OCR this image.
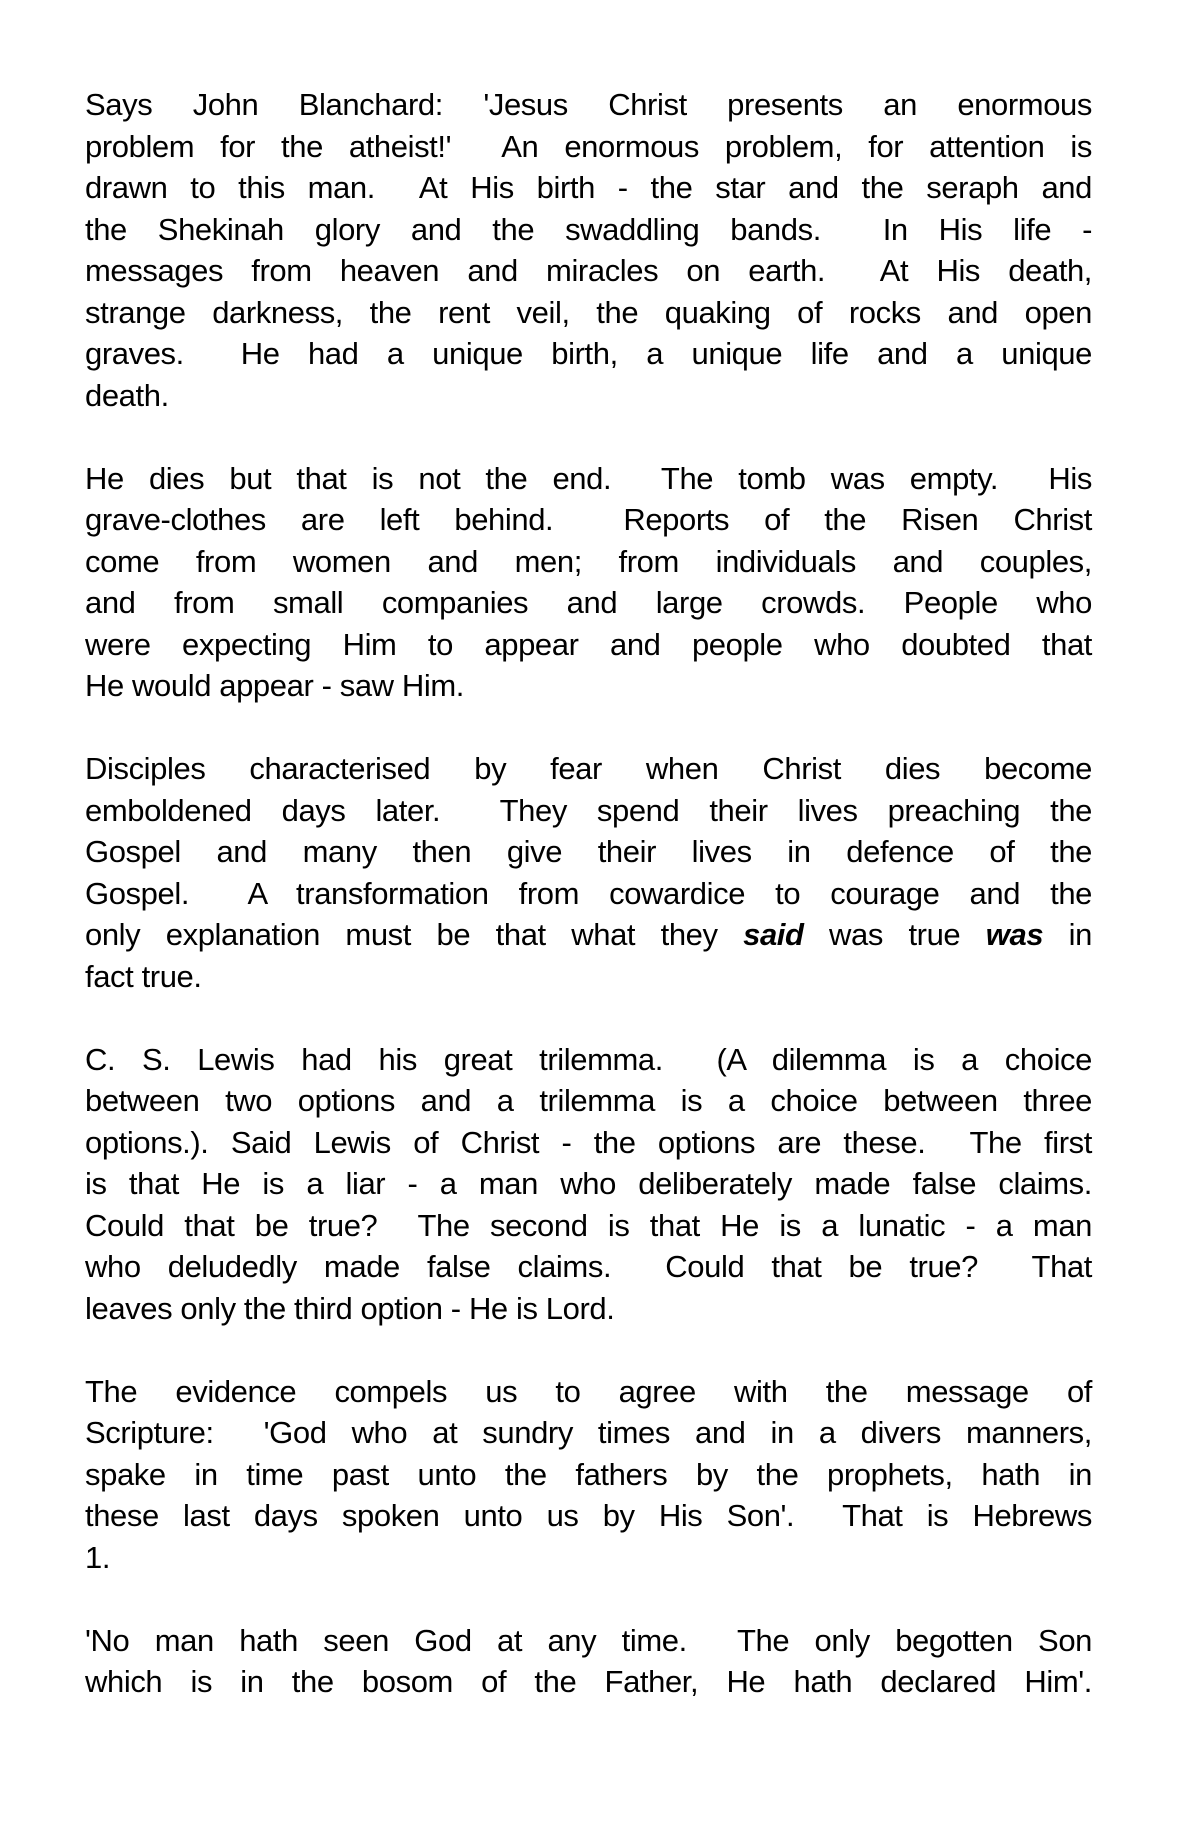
Says John Blanchard: 'Jesus Christ presents an enormous
problem for the atheist!'  An enormous problem, for attention is
drawn to this man.  At His birth - the star and the seraph and
the Shekinah glory and the swaddling bands.  In His life -
messages from heaven and miracles on earth.  At His death,
strange darkness, the rent veil, the quaking of rocks and open
graves.  He had a unique birth, a unique life and a unique
death.
He dies but that is not the end.  The tomb was empty.  His
grave-clothes are left behind.  Reports of the Risen Christ
come from women and men; from individuals and couples,
and from small companies and large crowds. People who
were expecting Him to appear and people who doubted that
He would appear - saw Him.
Disciples characterised by fear when Christ dies become
emboldened days later.  They spend their lives preaching the
Gospel and many then give their lives in defence of the
Gospel.  A transformation from cowardice to courage and the
only explanation must be that what they said was true was in
fact true.
C. S. Lewis had his great trilemma.  (A dilemma is a choice
between two options and a trilemma is a choice between three
options.). Said Lewis of Christ - the options are these.  The first
is that He is a liar - a man who deliberately made false claims.
Could that be true?  The second is that He is a lunatic - a man
who deludedly made false claims.  Could that be true?  That
leaves only the third option - He is Lord.
The evidence compels us to agree with the message of
Scripture:  'God who at sundry times and in a divers manners,
spake in time past unto the fathers by the prophets, hath in
these last days spoken unto us by His Son'.  That is Hebrews
1.
'No man hath seen God at any time.  The only begotten Son
which is in the bosom of the Father, He hath declared Him'.
